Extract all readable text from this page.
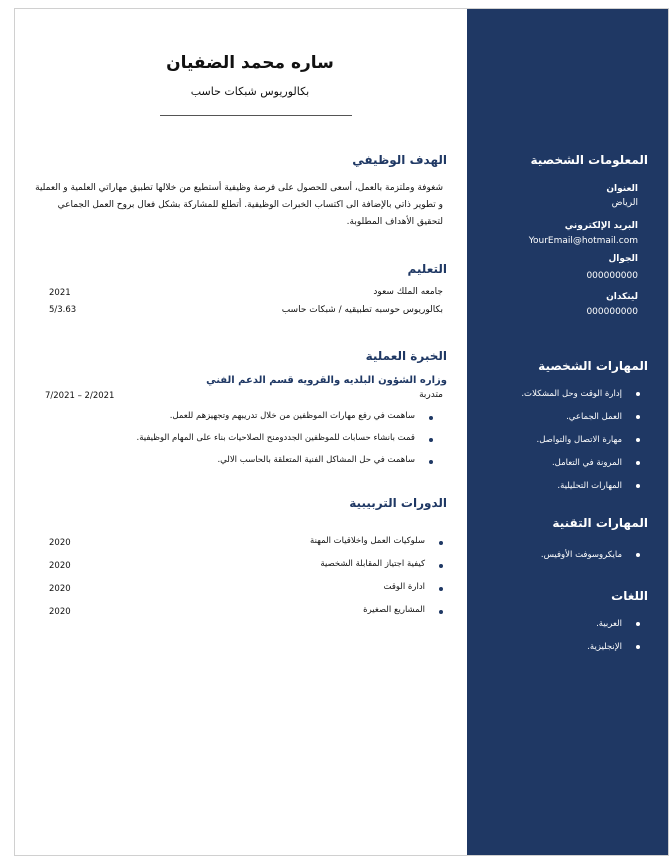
ساره محمد الضفيان
بكالوريوس شبكات حاسب
الهدف الوظيفي
شغوفة وملتزمة بالعمل، أسعى للحصول على فرصة وظيفية أستطيع من خلالها تطبيق مهاراتي العلمية و العملية و تطوير ذاتي بالإضافة الى اكتساب الخبرات الوظيفية. أتطلع للمشاركة بشكل فعال بروح العمل الجماعي لتحقيق الأهداف المطلوبة.
التعليم
جامعه الملك سعود
2021
بكالوريوس حوسبه تطبيقيه / شبكات حاسب
5/3.63
الخبرة العملية
وزاره الشؤون البلديه والقرويه قسم الدعم الفني
متدربة
7/2021 – 2/2021
ساهمت في رفع مهارات الموظفين من خلال تدريبهم وتجهيزهم للعمل.
قمت بانشاء حسابات للموظفين الجددومنح الصلاحيات بناء على المهام الوظيفية.
ساهمت في حل المشاكل الفنية المتعلقة بالحاسب الالي.
الدورات التربيبية
سلوكيات العمل واخلاقيات المهنة
كيفية اجتياز المقابلة الشخصية
ادارة الوقت
المشاريع الصغيرة
2020
2020
2020
2020
المعلومات الشخصية
العنوان
الرياض
البريد الإلكتروني
YourEmail@hotmail.com
الجوال
000000000
لينكدان
000000000
المهارات الشخصية
إدارة الوقت وحل المشكلات.
العمل الجماعي.
مهارة الاتصال والتواصل.
المرونة في التعامل.
المهارات التحليلية.
المهارات التقنية
مايكروسوفت الأوفيس.
اللغات
العربية.
الإنجليزية.
